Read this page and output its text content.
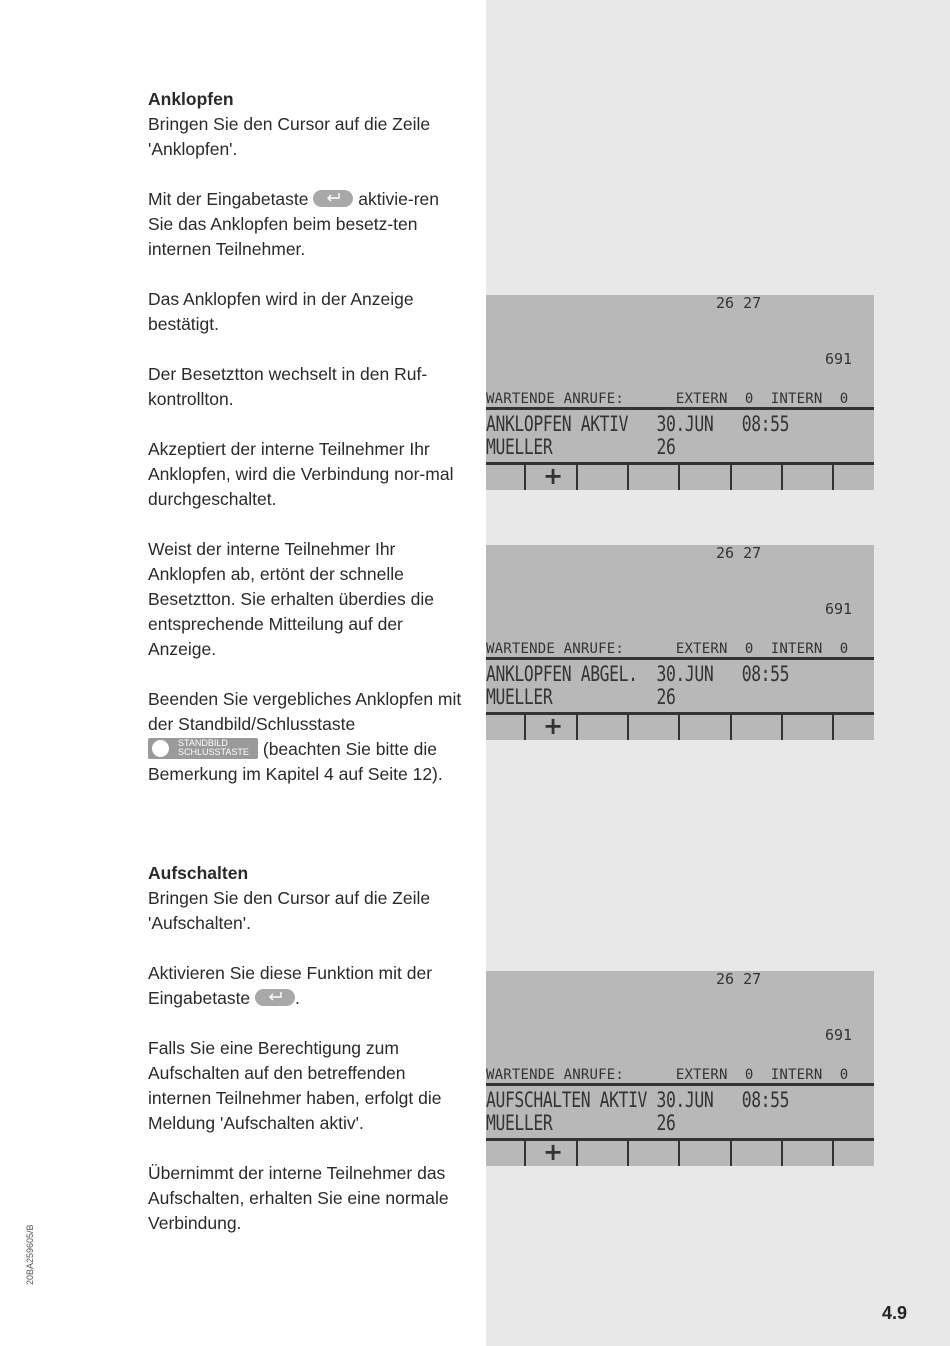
Anklopfen

Bringen Sie den Cursor auf die Zeile 'Anklopfen'.

Mit der Eingabetaste	aktivie-ren Sie das Anklopfen beim besetz-ten internen Teilnehmer.

Das Anklopfen wird in der Anzeige bestätigt.

Der Besetztton wechselt in den Ruf-kontrollton.

Akzeptiert der interne Teilnehmer Ihr Anklopfen, wird die Verbindung nor-mal durchgeschaltet.

Weist der interne Teilnehmer Ihr Anklopfen ab, ertönt der schnelle Besetztton. Sie erhalten überdies die entsprechende Mitteilung auf der Anzeige.

Beenden Sie vergebliches Anklopfen mit der Standbild/Schlusstaste
STANDBILD
SCHLUSSTASTE (beachten Sie bitte die Bemerkung im Kapitel 4 auf Seite 12).

Aufschalten

Bringen Sie den Cursor auf die Zeile 'Aufschalten'.

Aktivieren Sie diese Funktion mit der Eingabetaste	.

Falls Sie eine Berechtigung zum Aufschalten auf den betreffenden internen Teilnehmer haben, erfolgt die Meldung 'Aufschalten aktiv'.

Übernimmt der interne Teilnehmer das Aufschalten, erhalten Sie eine normale Verbindung.

26 27
691
WARTENDE ANRUFE:      EXTERN  0  INTERN  0
ANKLOPFEN AKTIV   30.JUN   08:55
MUELLER           26
+
26 27
691
WARTENDE ANRUFE:      EXTERN  0  INTERN  0
ANKLOPFEN ABGEL.  30.JUN   08:55
MUELLER           26
+
26 27
691
WARTENDE ANRUFE:      EXTERN  0  INTERN  0
AUFSCHALTEN AKTIV 30.JUN   08:55
MUELLER           26
+
20BA259605/B
4.9
